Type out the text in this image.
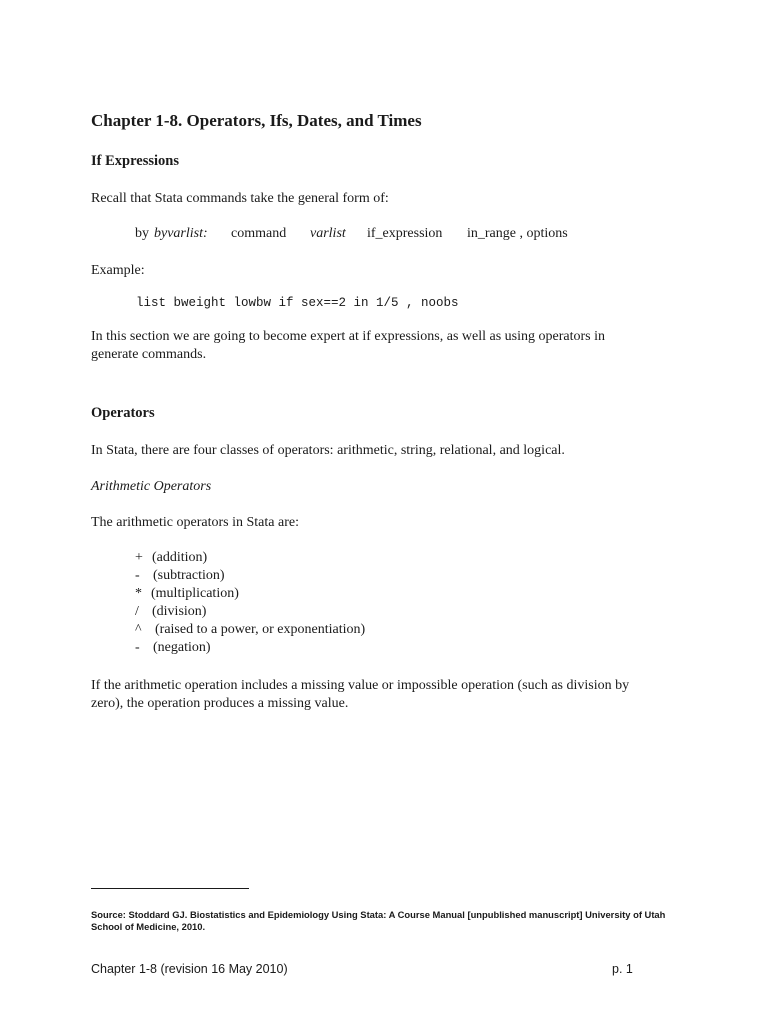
Chapter 1-8. Operators, Ifs, Dates, and Times
If Expressions

Recall that Stata commands take the general form of:

by byvarlist: command varlist if_expression in_range , options

Example:

list bweight lowbw if sex==2 in 1/5 , noobs

In this section we are going to become expert at if expressions, as well as using operators in

generate commands.

Operators

In Stata, there are four classes of operators: arithmetic, string, relational, and logical.

Arithmetic Operators

The arithmetic operators in Stata are:

+ (addition)
- (subtraction)
* (multiplication)
/ (division)
^ (raised to a power, or exponentiation)
- (negation)

If the arithmetic operation includes a missing value or impossible operation (such as division by

zero), the operation produces a missing value.

Source: Stoddard GJ. Biostatistics and Epidemiology Using Stata: A Course Manual [unpublished manuscript] University of Utah
School of Medicine, 2010.
Chapter 1-8 (revision 16 May 2010)	p. 1
